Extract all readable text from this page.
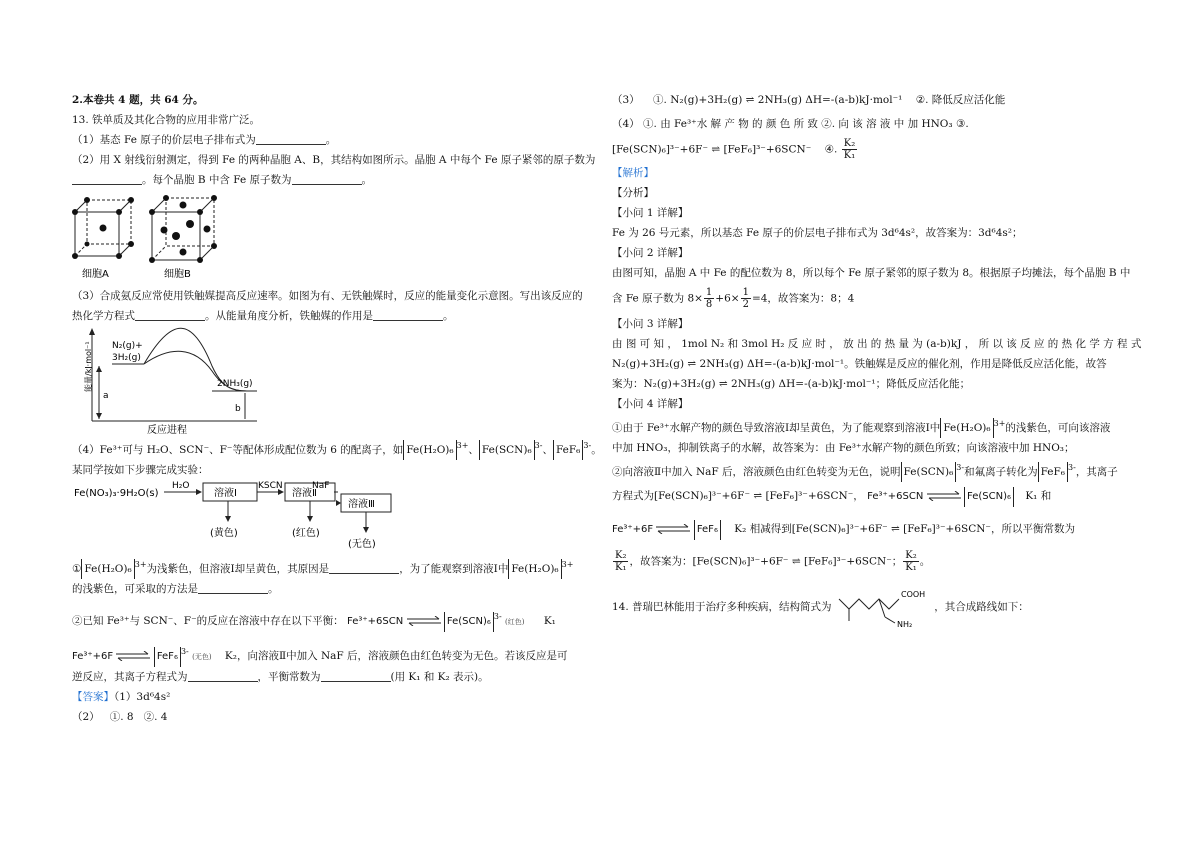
2.本卷共 4 题，共 64 分。

13. 铁单质及其化合物的应用非常广泛。

（1）基态 Fe 原子的价层电子排布式为	。

（2）用 X 射线衍射测定，得到 Fe 的两种晶胞 A、B，其结构如图所示。晶胞 A 中每个 Fe 原子紧邻的原子数为

。每个晶胞 B 中含 Fe 原子数为	。

细胞A	细胞B

（3）合成氨反应常使用铁触媒提高反应速率。如图为有、无铁触媒时，反应的能量变化示意图。写出该反应的

热化学方程式	。从能量角度分析，铁触媒的作用是	。

能量/kJ·mol⁻¹ N₂(g)+
3H₂(g)
2NH₃(g)
a
b
反应进程

（4）Fe³⁺可与 H₂O、SCN⁻、F⁻等配体形成配位数为 6 的配离子，如 Fe(H₂O)₆ $^{3+}$、 Fe(SCN)₆ $^{3-}$、 FeF₆ $^{3-}$。

某同学按如下步骤完成实验：

Fe(NO₃)₃·9H₂O(s)
H₂O
溶液Ⅰ
KSCN
溶液Ⅱ
NaF
(黄色)	(红色)

① Fe(H₂O)₆ $^{3+}$为浅紫色，但溶液Ⅰ却呈黄色，其原因是	，为了能观察到溶液Ⅰ中 Fe(H₂O)₆ $^{3+}$

的浅紫色，可采取的方法是	。

②已知 Fe³⁺与 SCN⁻、F⁻的反应在溶液中存在以下平衡： Fe³⁺+6SCN ⇌ Fe(SCN)₆ $^{3-}$ (红色) K₁

Fe³⁺+6F ⇌ FeF₆ $^{3-}$ (无色) K₂，向溶液Ⅱ中加入 NaF 后，溶液颜色由红色转变为无色。若该反应是可

逆反应，其离子方程式为	，平衡常数为	(用 K₁ 和 K₂ 表示)。

【答案】（1）3d⁶4s²

（2） ①. 8 ②. 4

溶液Ⅲ
(无色)

（3） ①. N₂(g)+3H₂(g) ⇌ 2NH₃(g) ΔH=-(a-b)kJ·mol⁻¹ ②. 降低反应活化能

（4） ①. 由 Fe³⁺水 解 产 物 的 颜 色 所 致 ②. 向 该 溶 液 中 加 HNO₃ ③.

[Fe(SCN)₆]³⁻+6F⁻ ⇌ [FeF₆]³⁻+6SCN⁻ ④. $\frac{\text{K₂}}{\text{K₁}}$

【解析】

【分析】

【小问 1 详解】

Fe 为 26 号元素，所以基态 Fe 原子的价层电子排布式为 3d⁶4s²，故答案为：3d⁶4s²；

【小问 2 详解】

由图可知，晶胞 A 中 Fe 的配位数为 8，所以每个 Fe 原子紧邻的原子数为 8。根据原子均摊法，每个晶胞 B 中

含 Fe 原子数为 $8\times \frac{1}{8} +6\times \frac{1}{2} =4$，故答案为：8；4

【小问 3 详解】

由 图 可 知 ， 1mol N₂ 和 3mol H₂ 反 应 时 ， 放 出 的 热 量 为 (a-b)kJ ， 所 以 该 反 应 的 热 化 学 方 程 式

N₂(g)+3H₂(g) ⇌ 2NH₃(g) ΔH=-(a-b)kJ·mol⁻¹。铁触媒是反应的催化剂，作用是降低反应活化能，故答

案为：N₂(g)+3H₂(g) ⇌ 2NH₃(g) ΔH=-(a-b)kJ·mol⁻¹；降低反应活化能；

【小问 4 详解】

①由于 Fe³⁺水解产物的颜色导致溶液Ⅰ却呈黄色，为了能观察到溶液Ⅰ中 Fe(H₂O)₆ $^{3+}$的浅紫色，可向该溶液

中加 HNO₃，抑制铁离子的水解，故答案为：由 Fe³⁺水解产物的颜色所致；向该溶液中加 HNO₃；

②向溶液Ⅱ中加入 NaF 后，溶液颜色由红色转变为无色，说明 Fe(SCN)₆ $^{3-}$和氟离子转化为 FeF₆ $^{3-}$，其离子

方程式为[Fe(SCN)₆]³⁻+6F⁻ ⇌ [FeF₆]³⁻+6SCN⁻， Fe³⁺+6SCN ⇌ Fe(SCN)₆ K₁ 和

Fe³⁺+6F ⇌ FeF₆ K₂ 相减得到[Fe(SCN)₆]³⁻+6F⁻ ⇌ [FeF₆]³⁻+6SCN⁻，所以平衡常数为

$\frac{\text{K₂}}{\text{K₁}}$ ，故答案为：[Fe(SCN)₆]³⁻+6F⁻ ⇌ [FeF₆]³⁻+6SCN⁻； $\frac{\text{K₂}}{\text{K₁}}$ 。

14. 普瑞巴林能用于治疗多种疾病，结构简式为
COOH
NH₂
，其合成路线如下：
